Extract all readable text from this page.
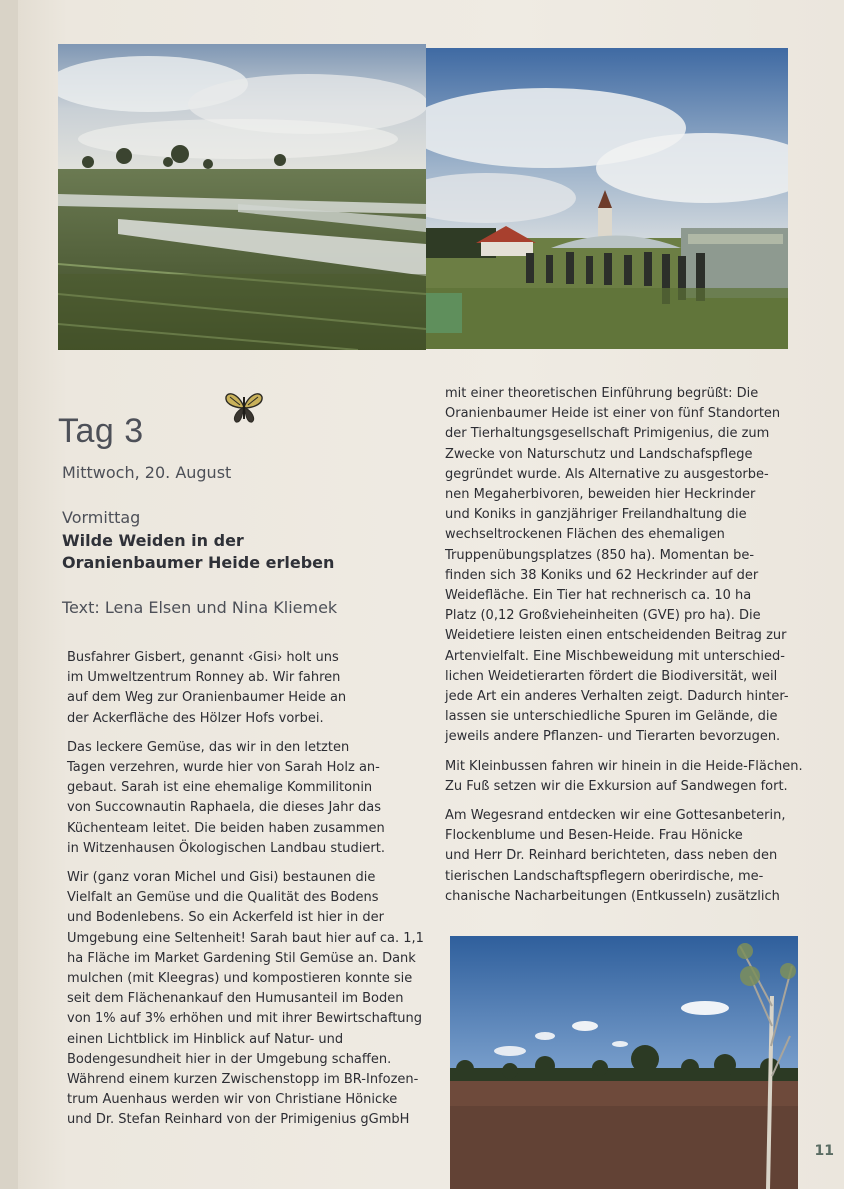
Tag 3
Mittwoch, 20. August
Vormittag
Wilde Weiden in der
Oranienbaumer Heide erleben
Text: Lena Elsen und Nina Kliemek

Busfahrer Gisbert, genannt ‹Gisi› holt uns
im Umweltzentrum Ronney ab. Wir fahren
auf dem Weg zur Oranienbaumer Heide an
der Ackerfläche des Hölzer Hofs vorbei.

Das leckere Gemüse, das wir in den letzten
Tagen verzehren, wurde hier von Sarah Holz an-
gebaut. Sarah ist eine ehemalige Kommilitonin
von Succownautin Raphaela, die dieses Jahr das
Küchenteam leitet. Die beiden haben zusammen
in Witzenhausen Ökologischen Landbau studiert.

Wir (ganz voran Michel und Gisi) bestaunen die
Vielfalt an Gemüse und die Qualität des Bodens
und Bodenlebens. So ein Ackerfeld ist hier in der
Umgebung eine Seltenheit! Sarah baut hier auf ca. 1,1
ha Fläche im Market Gardening Stil Gemüse an. Dank
mulchen (mit Kleegras) und kompostieren konnte sie
seit dem Flächenankauf den Humusanteil im Boden
von 1% auf 3% erhöhen und mit ihrer Bewirtschaftung
einen Lichtblick im Hinblick auf Natur- und
Bodengesundheit hier in der Umgebung schaffen.
Während einem kurzen Zwischenstopp im BR-Infozen-
trum Auenhaus werden wir von Christiane Hönicke
und Dr. Stefan Reinhard von der Primigenius gGmbH

mit einer theoretischen Einführung begrüßt: Die
Oranienbaumer Heide ist einer von fünf Standorten
der Tierhaltungsgesellschaft Primigenius, die zum
Zwecke von Naturschutz und Landschafspflege
gegründet wurde. Als Alternative zu ausgestorbe-
nen Megaherbivoren, beweiden hier Heckrinder
und Koniks in ganzjähriger Freilandhaltung die
wechseltrockenen Flächen des ehemaligen
Truppenübungsplatzes (850 ha). Momentan be-
finden sich 38 Koniks und 62 Heckrinder auf der
Weidefläche. Ein Tier hat rechnerisch ca. 10 ha
Platz (0,12 Großvieheinheiten (GVE) pro ha). Die
Weidetiere leisten einen entscheidenden Beitrag zur
Artenvielfalt. Eine Mischbeweidung mit unterschied-
lichen Weidetierarten fördert die Biodiversität, weil
jede Art ein anderes Verhalten zeigt. Dadurch hinter-
lassen sie unterschiedliche Spuren im Gelände, die
jeweils andere Pflanzen- und Tierarten bevorzugen.

Mit Kleinbussen fahren wir hinein in die Heide-Flächen.
Zu Fuß setzen wir die Exkursion auf Sandwegen fort.

Am Wegesrand entdecken wir eine Gottesanbeterin,
Flockenblume und Besen-Heide. Frau Hönicke
und Herr Dr. Reinhard berichteten, dass neben den
tierischen Landschaftspflegern oberirdische, me-
chanische Nacharbeitungen (Entkusseln) zusätzlich

11
